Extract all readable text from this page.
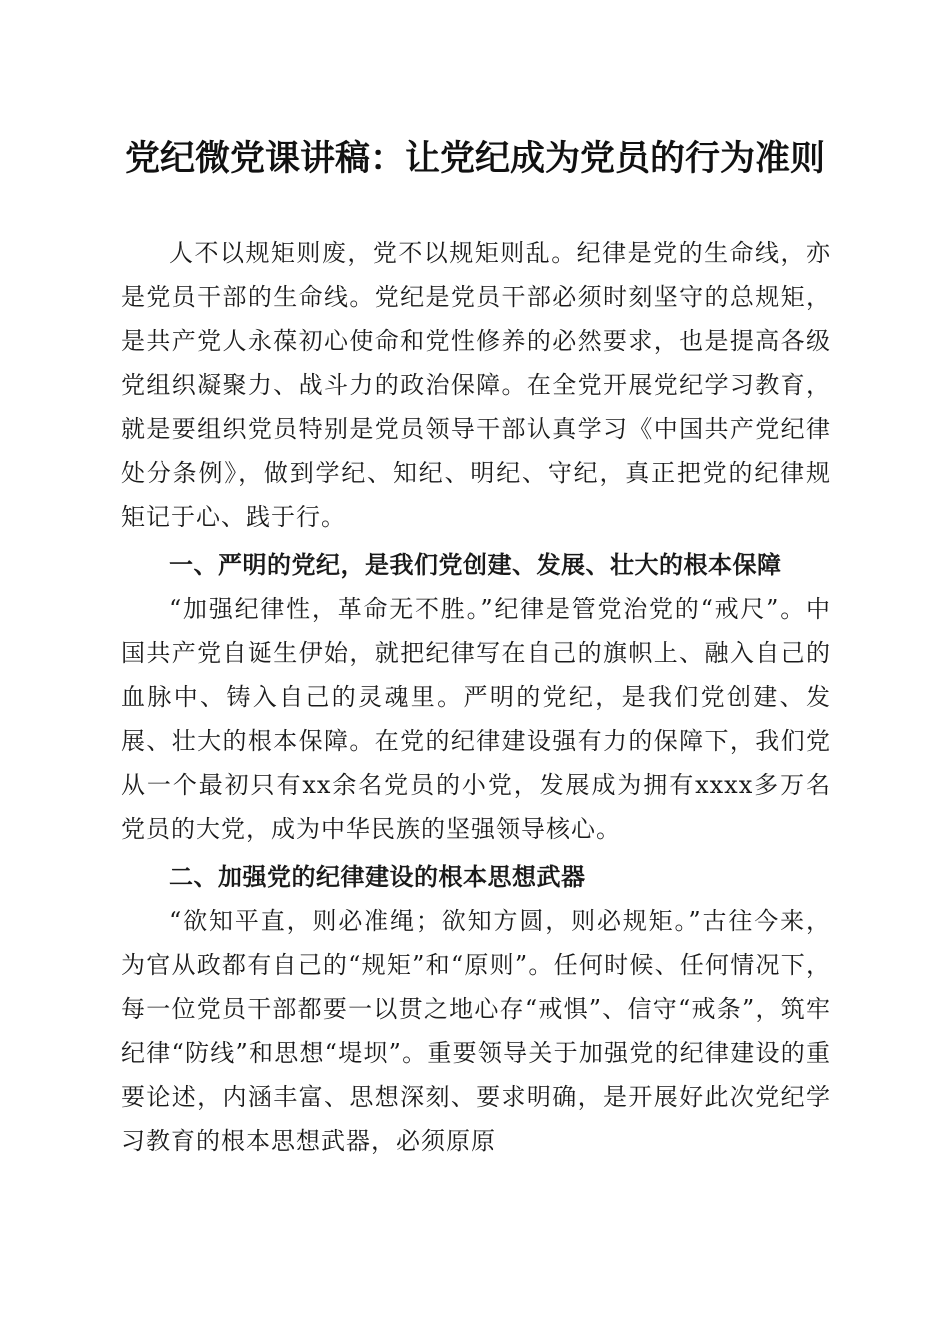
党纪微党课讲稿：让党纪成为党员的行为准则

人不以规矩则废，党不以规矩则乱。纪律是党的生命线，亦是党员干部的生命线。党纪是党员干部必须时刻坚守的总规矩，是共产党人永葆初心使命和党性修养的必然要求，也是提高各级党组织凝聚力、战斗力的政治保障。在全党开展党纪学习教育，就是要组织党员特别是党员领导干部认真学习《中国共产党纪律处分条例》，做到学纪、知纪、明纪、守纪，真正把党的纪律规矩记于心、践于行。

一、严明的党纪，是我们党创建、发展、壮大的根本保障

“加强纪律性，革命无不胜。”纪律是管党治党的“戒尺”。中国共产党自诞生伊始，就把纪律写在自己的旗帜上、融入自己的血脉中、铸入自己的灵魂里。严明的党纪，是我们党创建、发展、壮大的根本保障。在党的纪律建设强有力的保障下，我们党从一个最初只有xx余名党员的小党，发展成为拥有xxxx多万名党员的大党，成为中华民族的坚强领导核心。

二、加强党的纪律建设的根本思想武器

“欲知平直，则必准绳；欲知方圆，则必规矩。”古往今来，为官从政都有自己的“规矩”和“原则”。任何时候、任何情况下，每一位党员干部都要一以贯之地心存“戒惧”、信守“戒条”，筑牢纪律“防线”和思想“堤坝”。重要领导关于加强党的纪律建设的重要论述，内涵丰富、思想深刻、要求明确，是开展好此次党纪学习教育的根本思想武器，必须原原
